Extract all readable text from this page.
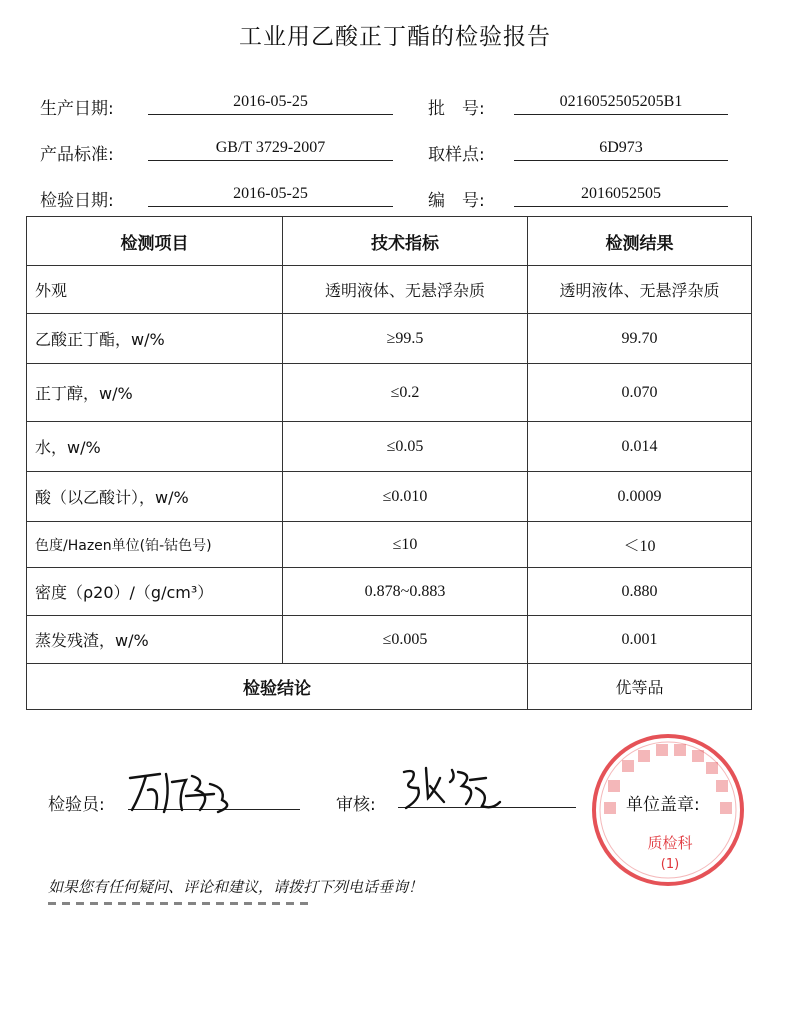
工业用乙酸正丁酯的检验报告
生产日期:	2016-05-25	批　号:	0216052505205B1
产品标准:	GB/T 3729-2007	取样点:	6D973
检验日期:	2016-05-25	编　号:	2016052505
检测项目	技术指标	检测结果
外观	透明液体、无悬浮杂质	透明液体、无悬浮杂质
乙酸正丁酯，w/%	≥99.5	99.70
正丁醇，w/%	≤0.2	0.070
水，w/%	≤0.05	0.014
酸（以乙酸计），w/%	≤0.010	0.0009
色度/Hazen单位(铂-钴色号)	≤10	＜10
密度（ρ20）/（g/cm³）	0.878~0.883	0.880
蒸发残渣，w/%	≤0.005	0.001
检验结论		优等品
检验员:	审核:
质检科
(1)
单位盖章:
如果您有任何疑问、评论和建议，请拨打下列电话垂询！
